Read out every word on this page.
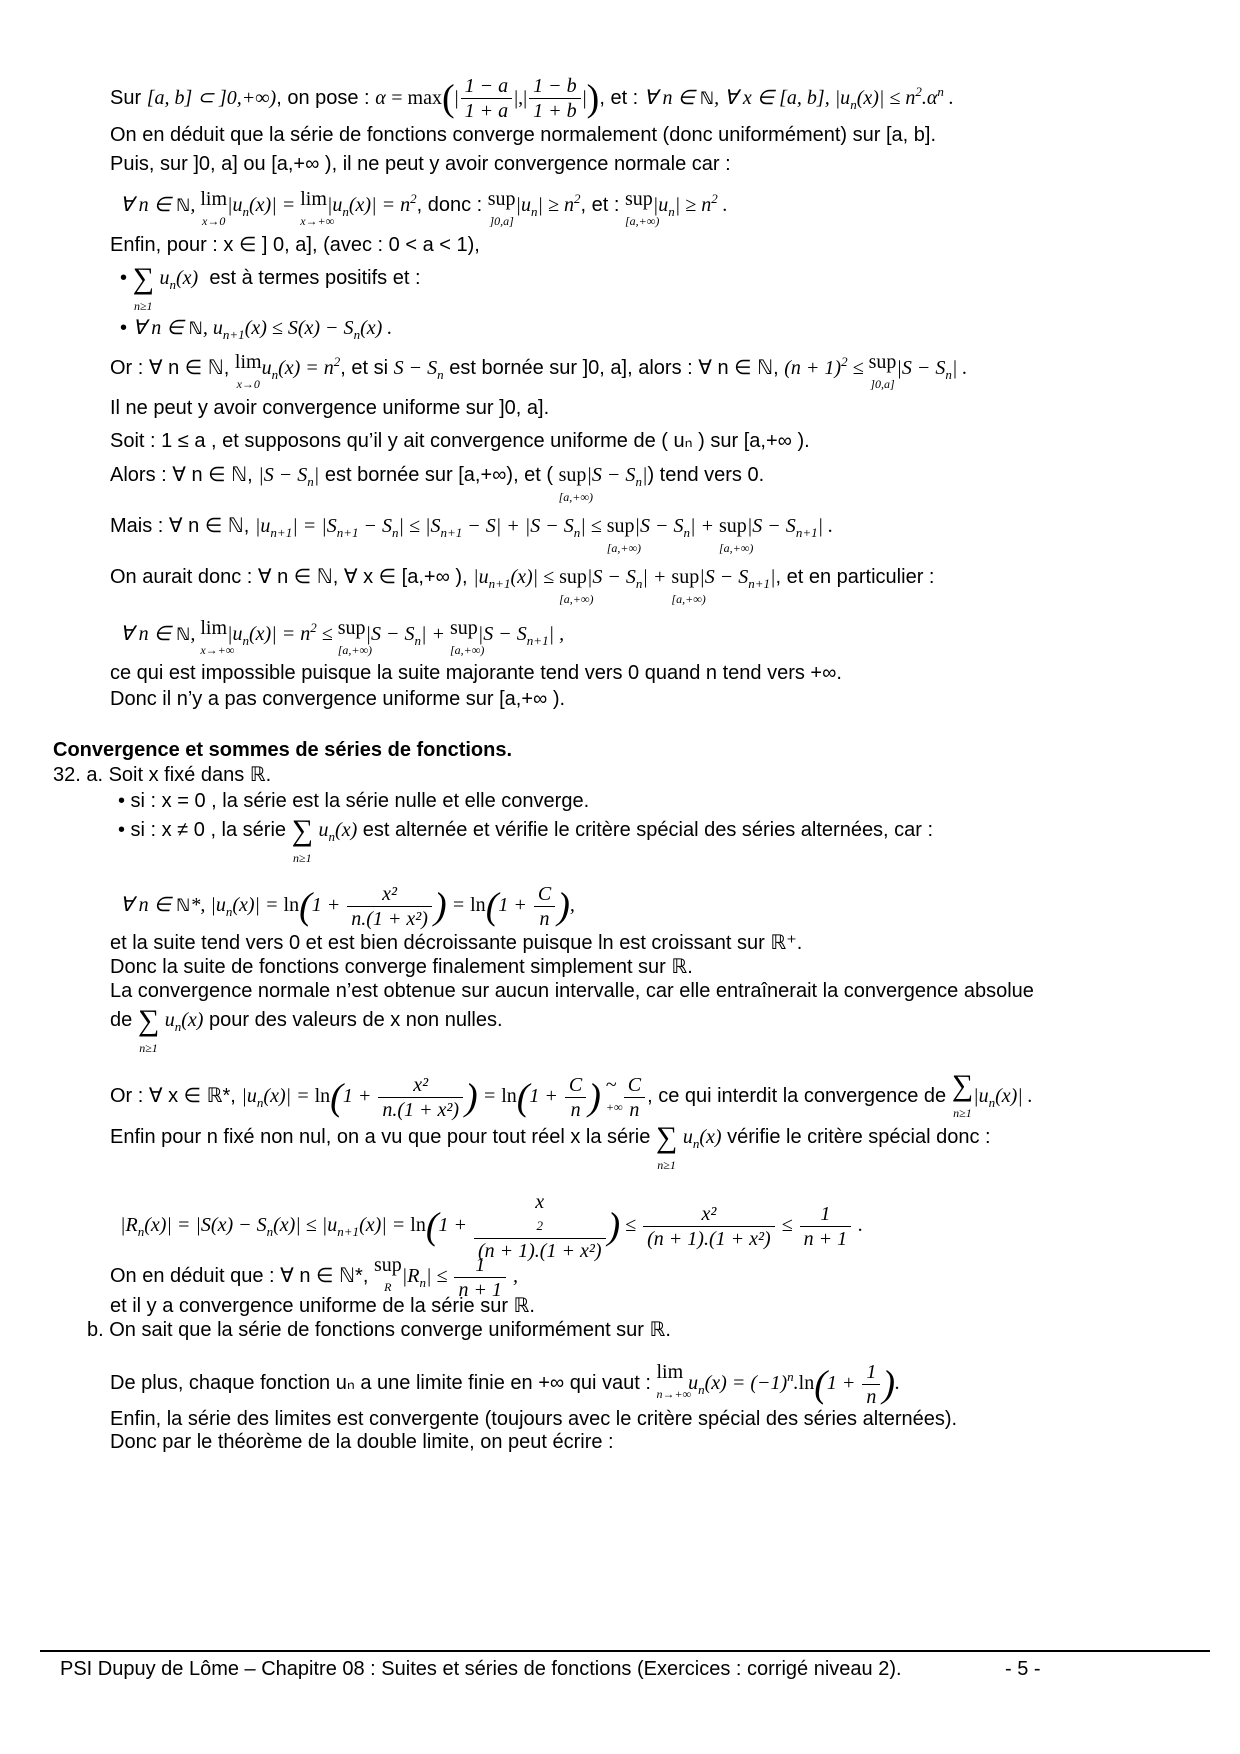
Sur [a, b] ⊂ ]0,+∞), on pose : $\alpha = \max(| \frac{1 - a}{1 + a}$ |,| $\frac{1 - b}{1 + b}$ |), et : ∀ n ∈ ℕ, ∀ x ∈ [a, b], $|u_n(x)| \le n^2.\alpha^n$ .
On en déduit que la série de fonctions converge normalement (donc uniformément) sur [a, b].
Puis, sur ]0, a] ou [a,+∞ ), il ne peut y avoir convergence normale car :
∀ n ∈ ℕ, lim
x→0
$|u_n(x)| = \lim$
x→+∞
$|u_n(x)| = n^2$, donc : sup
]0,a]
$|u_n| \ge n^2$, et : sup
[a,+∞)
$|u_n| \ge n^2$ .
Enfin, pour : x ∈ ] 0, a], (avec : 0 < a < 1),
• ∑
n≥1
$u_n(x)$ est à termes positifs et :
• ∀ n ∈ ℕ, $u_{n+1}(x) \le S(x) - S_n(x)$ .
Or : ∀ n ∈ ℕ, lim
x→0
$u_n(x) = n^2$, et si $S - S_n$ est bornée sur ]0, a], alors : ∀ n ∈ ℕ, $(n + 1)^2$ ≤ sup
]0,a]
$|S - S_n|$ .
Il ne peut y avoir convergence uniforme sur ]0, a].
Soit : 1 ≤ a , et supposons qu’il y ait convergence uniforme de ( uₙ ) sur [a,+∞ ).
Alors : ∀ n ∈ ℕ, $|S - S_n|$ est bornée sur [a,+∞), et ( sup
[a,+∞)
$|S - S_n|$) tend vers 0.
Mais : ∀ n ∈ ℕ, $|u_{n+1}| = |S_{n+1} - S_n| \le |S_{n+1} - S| + |S - S_n|$ ≤ sup
[a,+∞)
$|S - S_n|$ + sup
[a,+∞)
$|S - S_{n+1}|$ .
On aurait donc : ∀ n ∈ ℕ, ∀ x ∈ [a,+∞ ), $|u_{n+1}(x)|$ ≤ sup
[a,+∞)
$|S - S_n|$ + sup
[a,+∞)
$|S - S_{n+1}|$, et en particulier :
∀ n ∈ ℕ, lim
x→+∞
$|u_n(x)| = n^2$ ≤ sup
[a,+∞)
$|S - S_n|$ + sup
[a,+∞)
$|S - S_{n+1}|$ ,
ce qui est impossible puisque la suite majorante tend vers 0 quand n tend vers +∞.
Donc il n’y a pas convergence uniforme sur [a,+∞ ).
Convergence et sommes de séries de fonctions.
32. a. Soit x fixé dans ℝ.
• si : x = 0 , la série est la série nulle et elle converge.
• si : x ≠ 0 , la série ∑
n≥1
$u_n(x)$ est alternée et vérifie le critère spécial des séries alternées, car :
∀ n ∈ ℕ*, $|u_n(x)| = \ln(1 + \frac{\text{x²}}{\text{n.(1 + x²)}}$ ) = $\ln(1 + \frac{C}{n}$ ),
et la suite tend vers 0 et est bien décroissante puisque ln est croissant sur ℝ⁺.
Donc la suite de fonctions converge finalement simplement sur ℝ.
La convergence normale n’est obtenue sur aucun intervalle, car elle entraînerait la convergence absolue
de ∑
n≥1
$u_n(x)$ pour des valeurs de x non nulles.
Or : ∀ x ∈ ℝ*, $|u_n(x)| = \ln(1 + \frac{\text{x²}}{\text{n.(1 + x²)}}$ ) = $\ln(1 + \frac{C}{n}$ ) ~
+∞
$\frac{C}{n}$ , ce qui interdit la convergence de ∑
n≥1
$|u_n(x)|$ .
Enfin pour n fixé non nul, on a vu que pour tout réel x la série ∑
n≥1
$u_n(x)$ vérifie le critère spécial donc :
$|R_n(x)| = |S(x) - S_n(x)| \le |u_{n+1}(x)| = \ln(1 + x$
2
(n + 1).(1 + x²) ) ≤ $\frac{\text{x²}}{\text{(n + 1).(1 + x²)}} \le \frac{1}{n + 1}$ .
On en déduit que : ∀ n ∈ ℕ*, sup
R $|R_n| \le \frac{1}{n + 1}$ ,
et il y a convergence uniforme de la série sur ℝ.
b. On sait que la série de fonctions converge uniformément sur ℝ.
De plus, chaque fonction uₙ a une limite finie en +∞ qui vaut : lim
n→+∞
$u_n(x) = (-1)^n.\ln(1 + \frac{1}{n}$ ).
Enfin, la série des limites est convergente (toujours avec le critère spécial des séries alternées).
Donc par le théorème de la double limite, on peut écrire :
PSI Dupuy de Lôme – Chapitre 08 : Suites et séries de fonctions (Exercices : corrigé niveau 2).	- 5 -
